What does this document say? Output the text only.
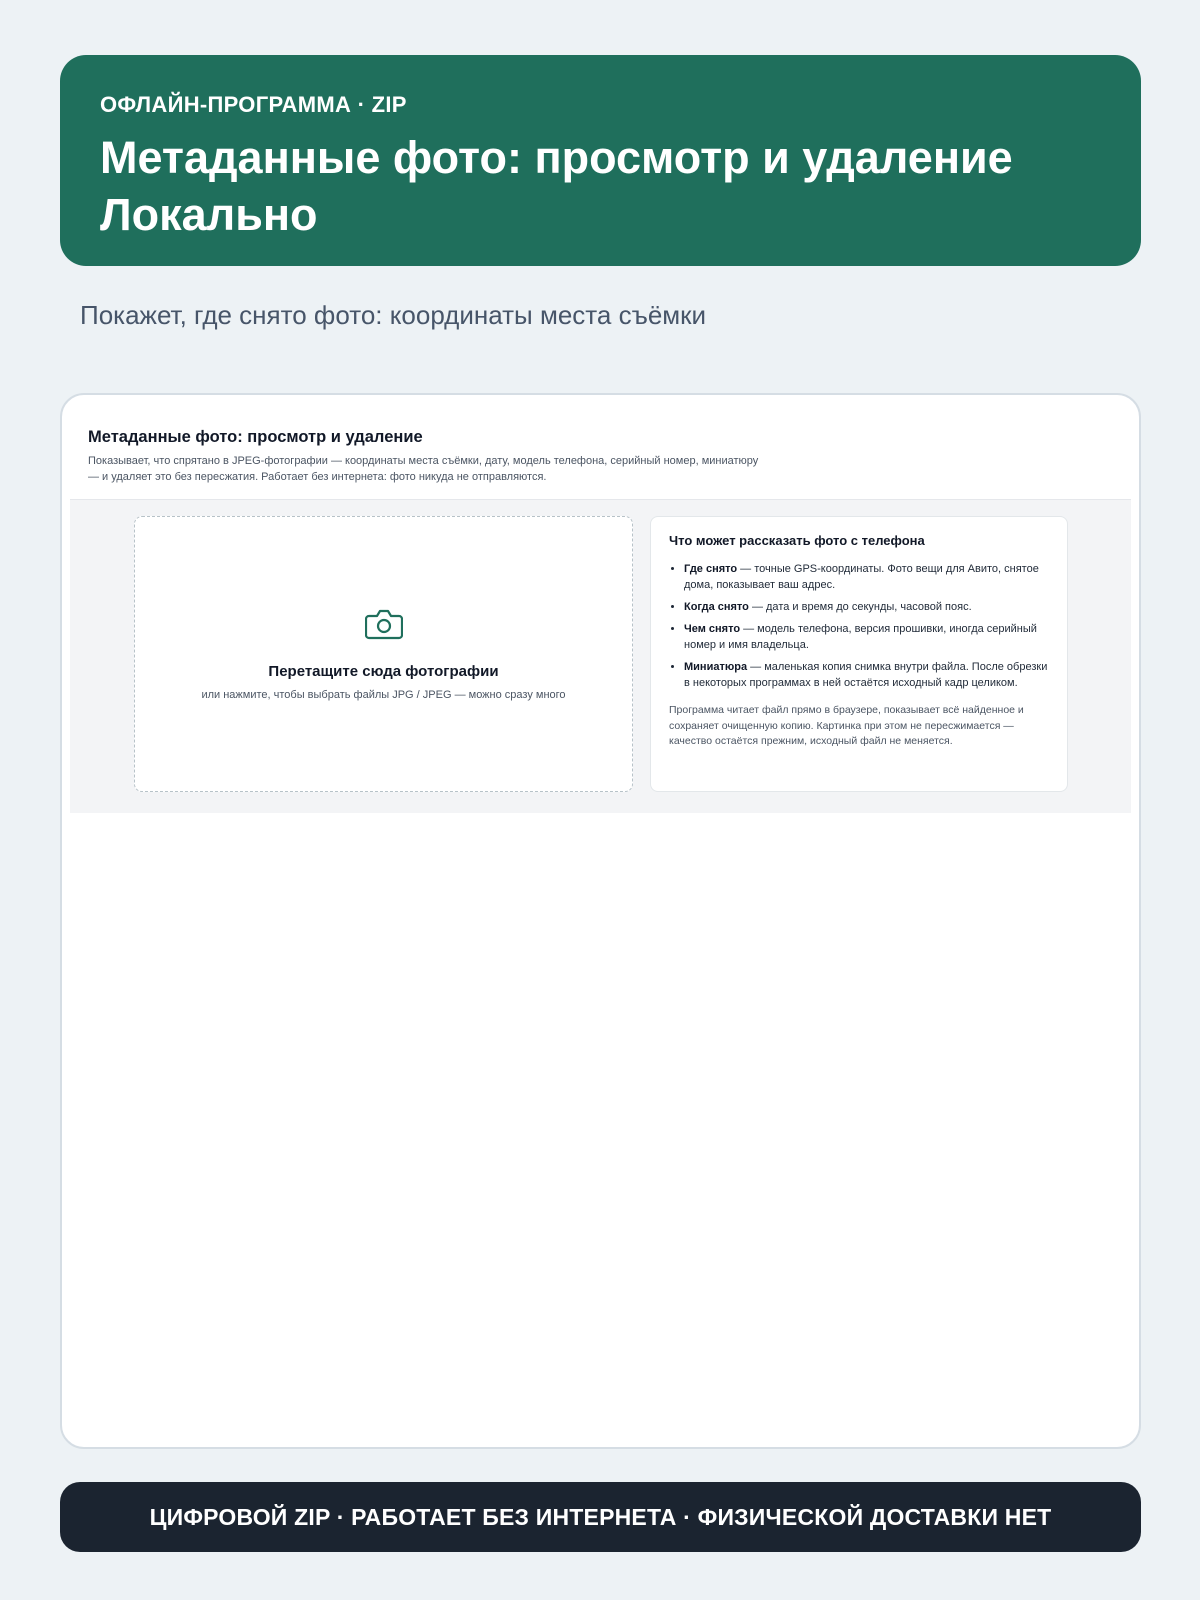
ОФЛАЙН-ПРОГРАММА · ZIP
Метаданные фото: просмотр и удаление
Локально
Покажет, где снято фото: координаты места съёмки
Метаданные фото: просмотр и удаление
Показывает, что спрятано в JPEG-фотографии — координаты места съёмки, дату, модель телефона, серийный номер, миниатюру — и удаляет это без пересжатия. Работает без интернета: фото никуда не отправляются.
Перетащите сюда фотографии
или нажмите, чтобы выбрать файлы JPG / JPEG — можно сразу много
Что может рассказать фото с телефона
• Где снято — точные GPS-координаты. Фото вещи для Авито, снятое дома, показывает ваш адрес.
• Когда снято — дата и время до секунды, часовой пояс.
• Чем снято — модель телефона, версия прошивки, иногда серийный номер и имя владельца.
• Миниатюра — маленькая копия снимка внутри файла. После обрезки в некоторых программах в ней остаётся исходный кадр целиком.
Программа читает файл прямо в браузере, показывает всё найденное и сохраняет очищенную копию. Картинка при этом не пересжимается — качество остаётся прежним, исходный файл не меняется.
ЦИФРОВОЙ ZIP · РАБОТАЕТ БЕЗ ИНТЕРНЕТА · ФИЗИЧЕСКОЙ ДОСТАВКИ НЕТ
